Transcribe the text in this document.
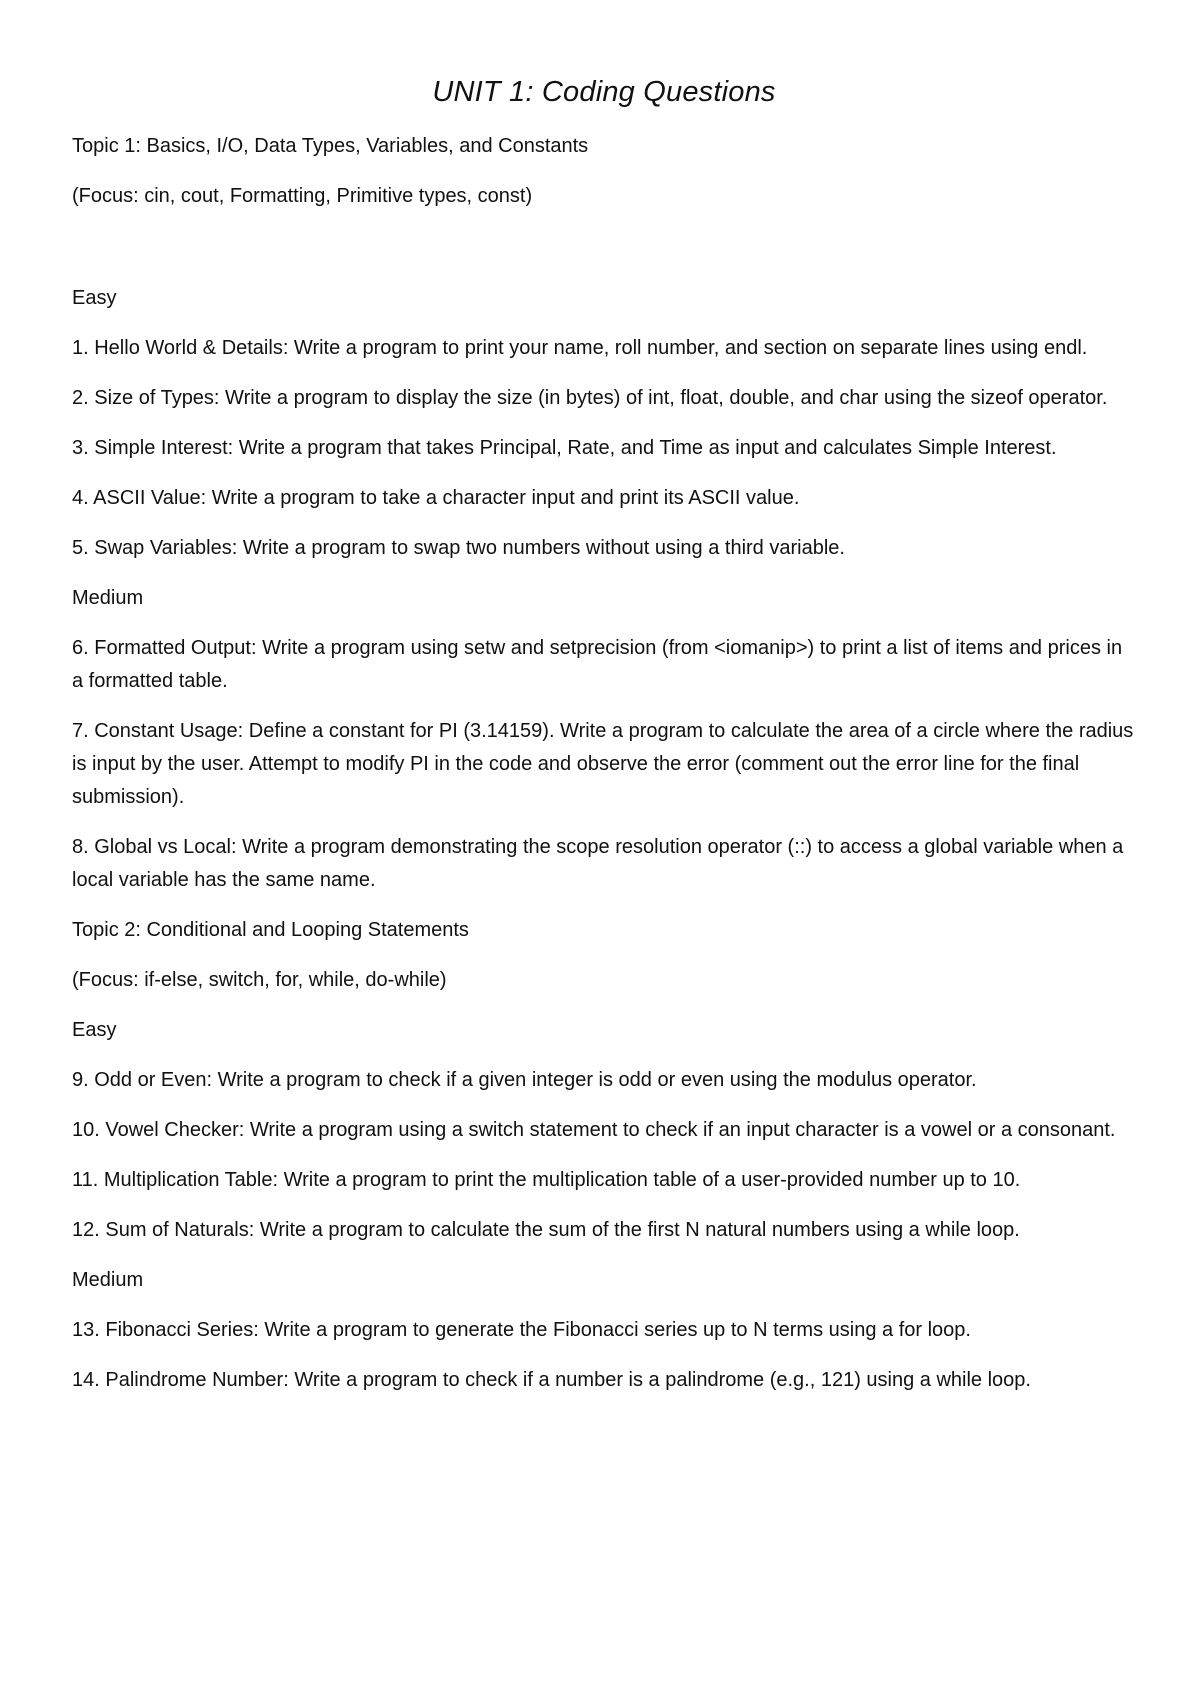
UNIT 1: Coding Questions

Topic 1: Basics, I/O, Data Types, Variables, and Constants

(Focus: cin, cout, Formatting, Primitive types, const)

Easy

1. Hello World & Details: Write a program to print your name, roll number, and section on separate lines using endl.

2. Size of Types: Write a program to display the size (in bytes) of int, float, double, and char using the sizeof operator.

3. Simple Interest: Write a program that takes Principal, Rate, and Time as input and calculates Simple Interest.

4. ASCII Value: Write a program to take a character input and print its ASCII value.

5. Swap Variables: Write a program to swap two numbers without using a third variable.

Medium

6. Formatted Output: Write a program using setw and setprecision (from <iomanip>) to print a list of items and prices in a formatted table.

7. Constant Usage: Define a constant for PI (3.14159). Write a program to calculate the area of a circle where the radius is input by the user. Attempt to modify PI in the code and observe the error (comment out the error line for the final submission).

8. Global vs Local: Write a program demonstrating the scope resolution operator (::) to access a global variable when a local variable has the same name.

Topic 2: Conditional and Looping Statements

(Focus: if-else, switch, for, while, do-while)

Easy

9. Odd or Even: Write a program to check if a given integer is odd or even using the modulus operator.

10. Vowel Checker: Write a program using a switch statement to check if an input character is a vowel or a consonant.

11. Multiplication Table: Write a program to print the multiplication table of a user-provided number up to 10.

12. Sum of Naturals: Write a program to calculate the sum of the first N natural numbers using a while loop.

Medium

13. Fibonacci Series: Write a program to generate the Fibonacci series up to N terms using a for loop.

14. Palindrome Number: Write a program to check if a number is a palindrome (e.g., 121) using a while loop.
